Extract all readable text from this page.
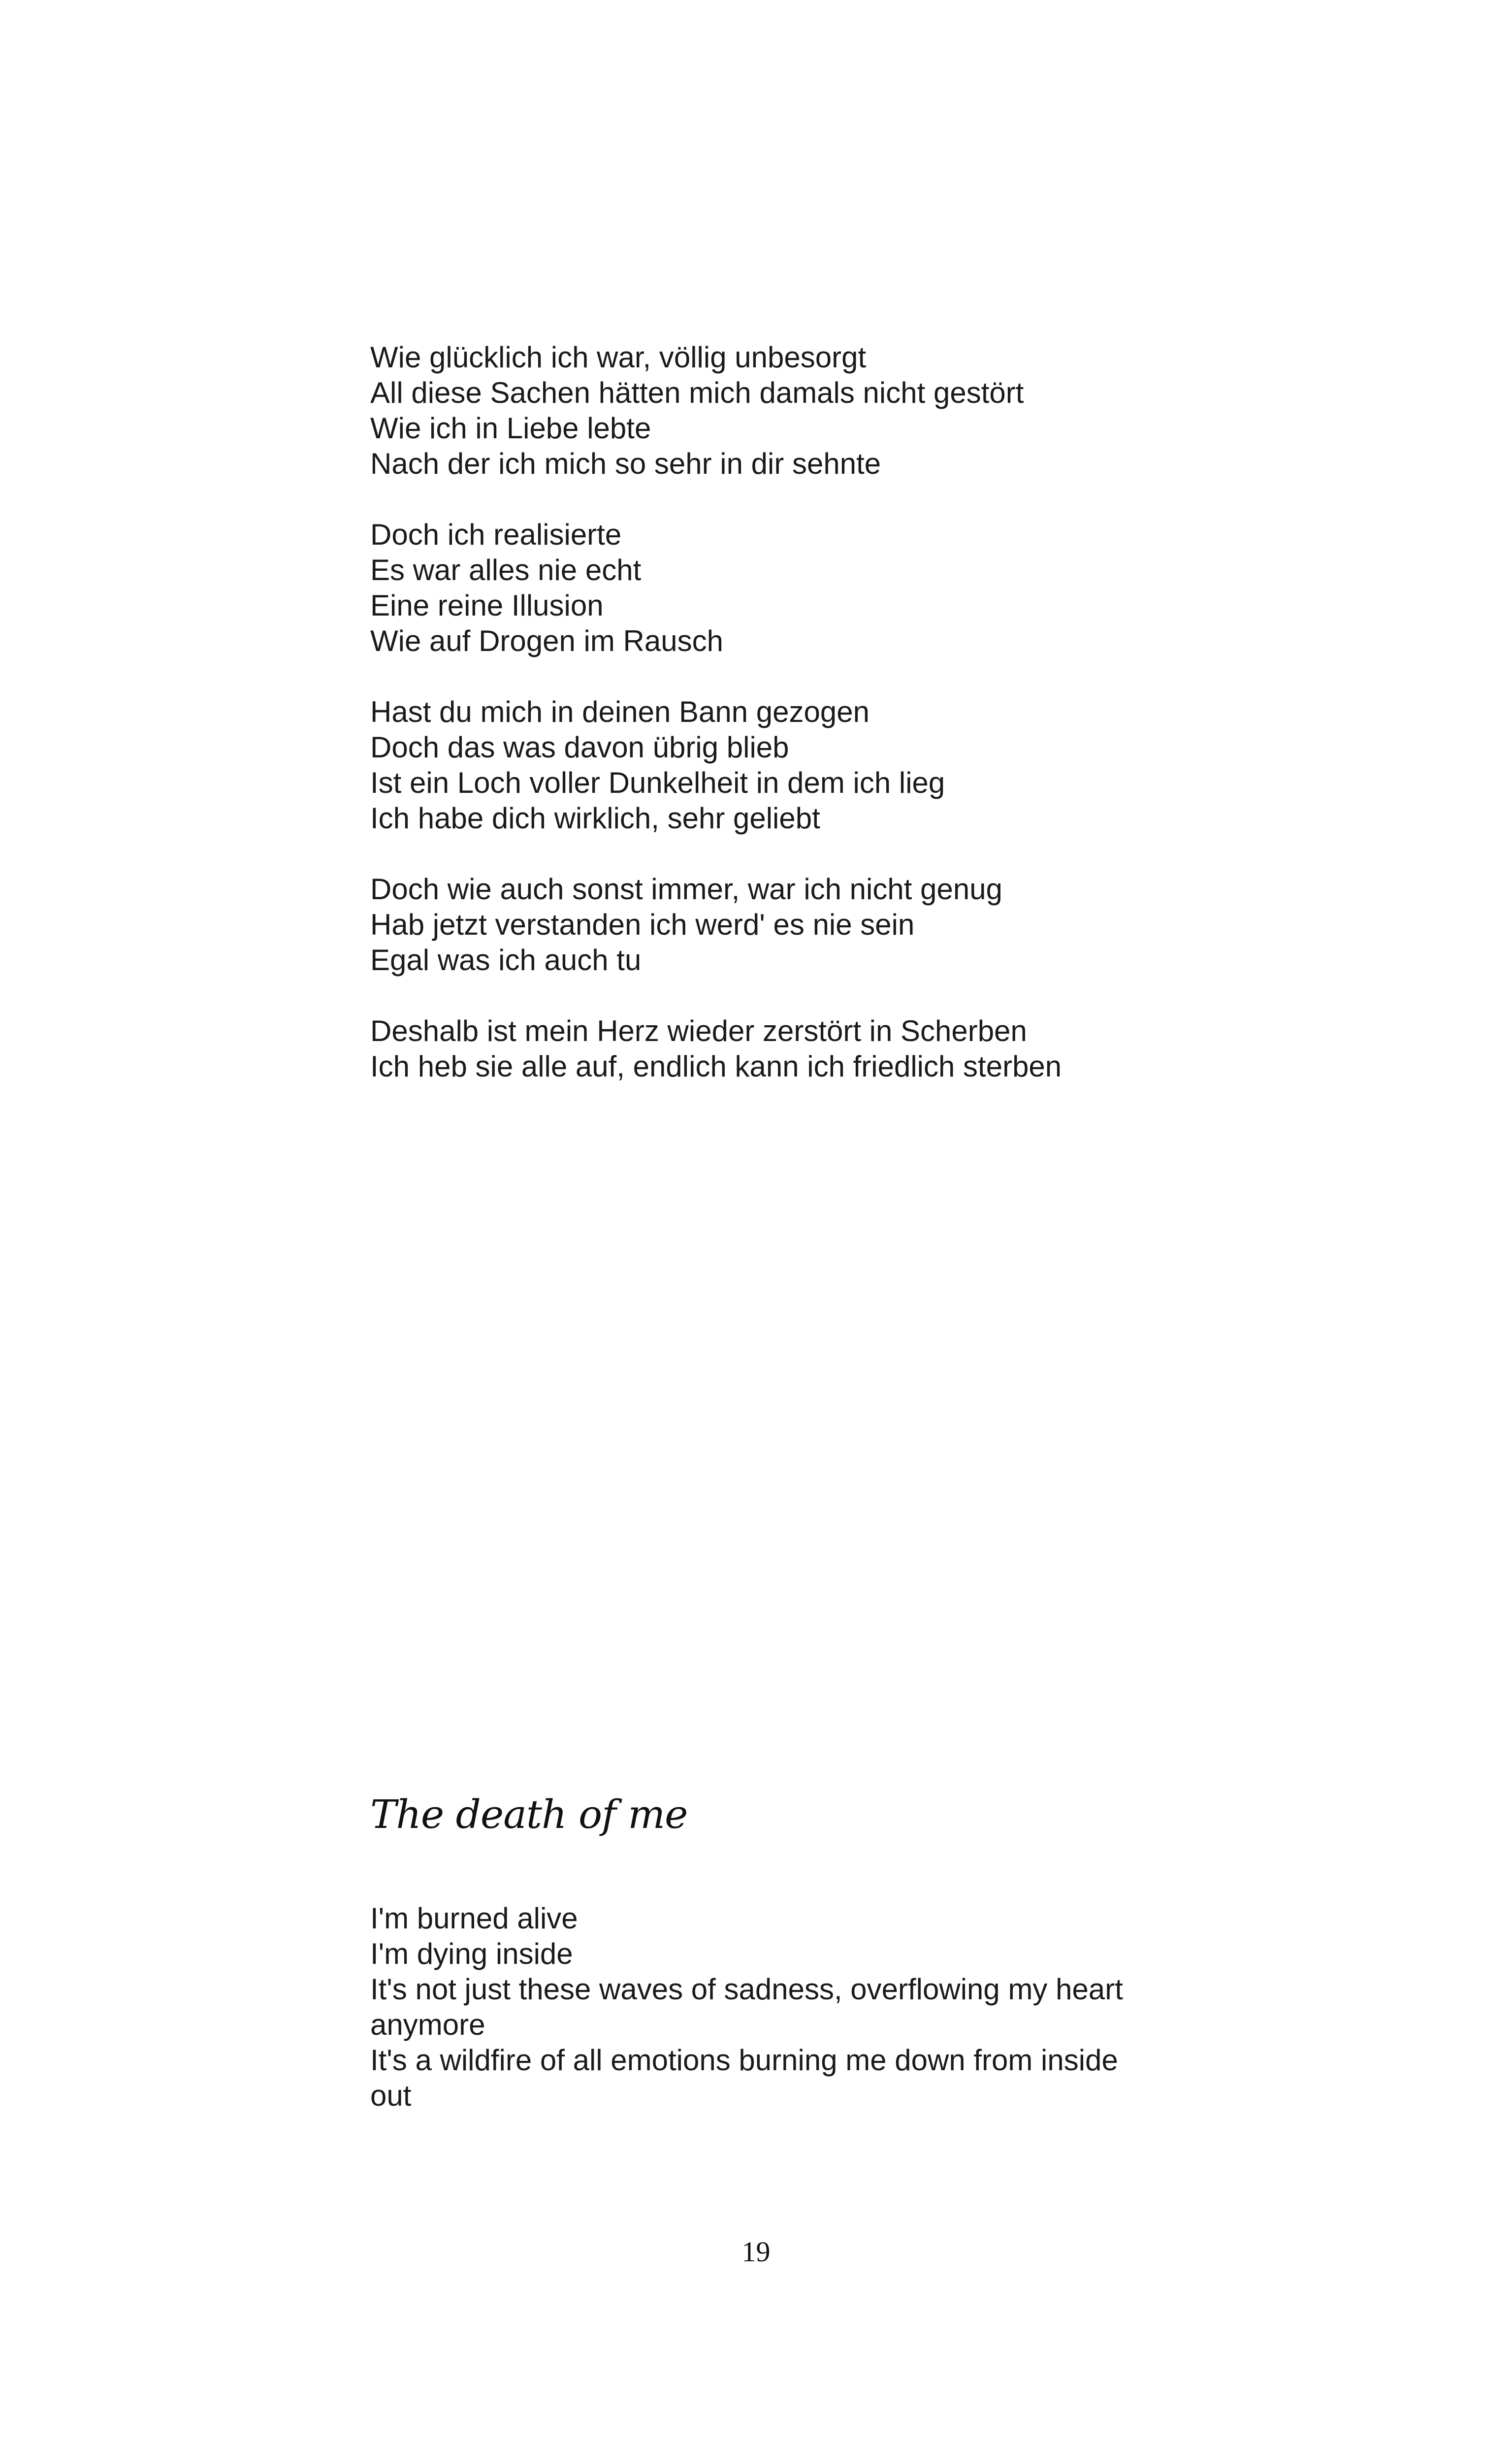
Wie glücklich ich war, völlig unbesorgt
All diese Sachen hätten mich damals nicht gestört
Wie ich in Liebe lebte
Nach der ich mich so sehr in dir sehnte
Doch ich realisierte
Es war alles nie echt
Eine reine Illusion
Wie auf Drogen im Rausch
Hast du mich in deinen Bann gezogen
Doch das was davon übrig blieb
Ist ein Loch voller Dunkelheit in dem ich lieg
Ich habe dich wirklich, sehr geliebt
Doch wie auch sonst immer, war ich nicht genug
Hab jetzt verstanden ich werd' es nie sein
Egal was ich auch tu
Deshalb ist mein Herz wieder zerstört in Scherben
Ich heb sie alle auf, endlich kann ich friedlich sterben
The death of me
I'm burned alive
I'm dying inside
It's not just these waves of sadness, overflowing my heart
anymore
It's a wildfire of all emotions burning me down from inside
out
19
